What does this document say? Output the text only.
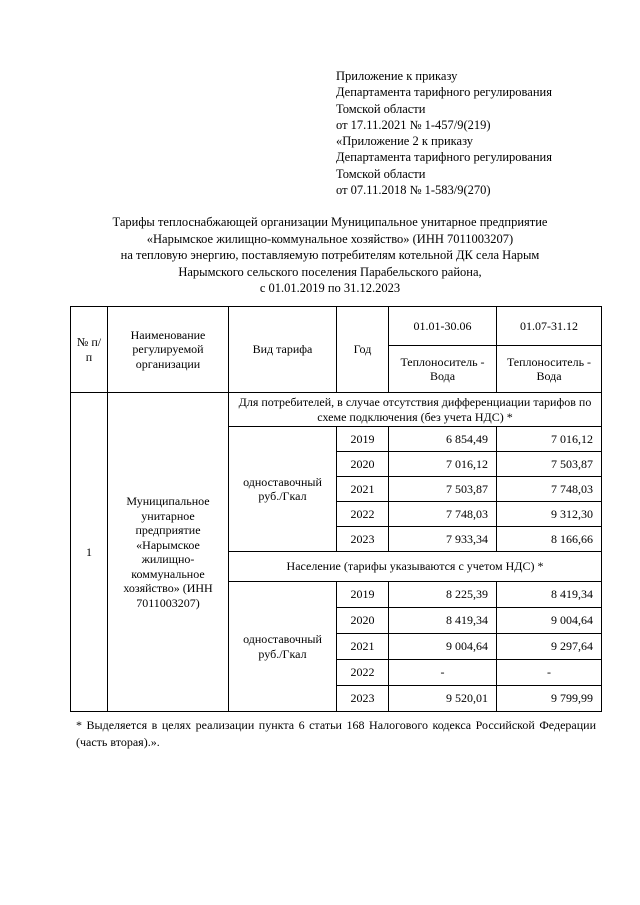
Приложение к приказу
Департамента тарифного регулирования
Томской области
от 17.11.2021 № 1-457/9(219)
«Приложение 2 к приказу
Департамента тарифного регулирования
Томской области
от 07.11.2018 № 1-583/9(270)
Тарифы теплоснабжающей организации Муниципальное унитарное предприятие
«Нарымское жилищно-коммунальное хозяйство» (ИНН 7011003207)
на тепловую энергию, поставляемую потребителям котельной ДК села Нарым
Нарымского сельского поселения Парабельского района,
с 01.01.2019 по 31.12.2023
№ п/п	Наименование регулируемой организации	Вид тарифа	Год	01.01-30.06	01.07-31.12
				Теплоноситель - Вода	Теплоноситель - Вода
1	Муниципальное унитарное предприятие «Нарымское жилищно-коммунальное хозяйство» (ИНН 7011003207)	Для потребителей, в случае отсутствия дифференциации тарифов по схеме подключения (без учета НДС) *			
		одноставочный руб./Гкал	2019	6 854,49	7 016,12
			2020	7 016,12	7 503,87
			2021	7 503,87	7 748,03
			2022	7 748,03	9 312,30
			2023	7 933,34	8 166,66
		Население (тарифы указываются с учетом НДС) *			
		одноставочный руб./Гкал	2019	8 225,39	8 419,34
			2020	8 419,34	9 004,64
			2021	9 004,64	9 297,64
			2022	-	-
			2023	9 520,01	9 799,99
* Выделяется в целях реализации пункта 6 статьи 168 Налогового кодекса Российской Федерации (часть вторая).».
